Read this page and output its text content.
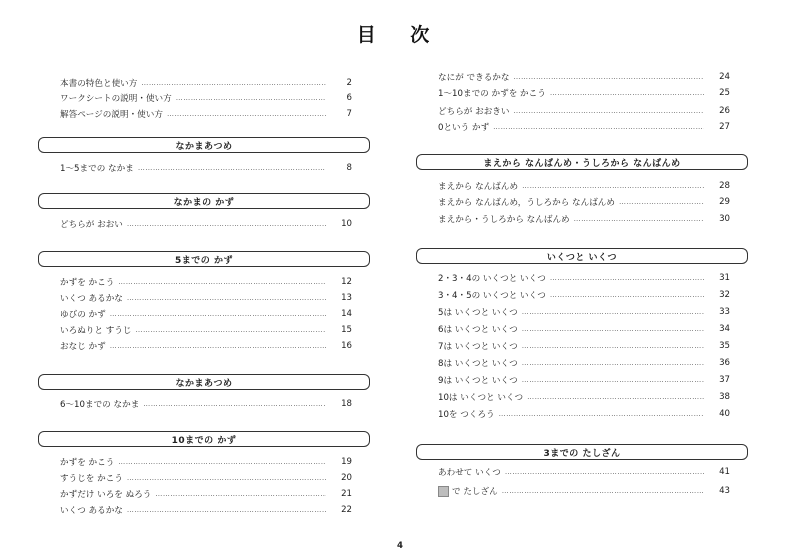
目 次
本書の特色と使い方 ………………………………………………………………………………………………………………	2
ワークシートの説明・使い方 ………………………………………………………………………………………………………………	6
解答ページの説明・使い方 ………………………………………………………………………………………………………………	7
なかまあつめ
1～5までの なかま ………………………………………………………………………………………………………………	8
なかまの かず
どちらが おおい ………………………………………………………………………………………………………………	10
5までの かず
かずを かこう ………………………………………………………………………………………………………………	12
いくつ あるかな ………………………………………………………………………………………………………………	13
ゆびの かず ………………………………………………………………………………………………………………	14
いろぬりと すうじ ………………………………………………………………………………………………………………	15
おなじ かず ………………………………………………………………………………………………………………	16
なかまあつめ
6～10までの なかま ………………………………………………………………………………………………………………	18
10までの かず
かずを かこう ………………………………………………………………………………………………………………	19
すうじを かこう ………………………………………………………………………………………………………………	20
かずだけ いろを ぬろう ………………………………………………………………………………………………………………	21
いくつ あるかな ………………………………………………………………………………………………………………	22
なにが できるかな ………………………………………………………………………………………………………………	24
1～10までの かずを かこう ………………………………………………………………………………………………………………	25
どちらが おおきい ………………………………………………………………………………………………………………	26
0という かず ………………………………………………………………………………………………………………	27
まえから なんばんめ・うしろから なんばんめ
まえから なんばんめ ………………………………………………………………………………………………………………	28
まえから なんばんめ，うしろから なんばんめ ………………………………………………………………………………………………………………	29
まえから・うしろから なんばんめ ………………………………………………………………………………………………………………	30
いくつと いくつ
2・3・4の いくつと いくつ ………………………………………………………………………………………………………………	31
3・4・5の いくつと いくつ ………………………………………………………………………………………………………………	32
5は いくつと いくつ ………………………………………………………………………………………………………………	33
6は いくつと いくつ ………………………………………………………………………………………………………………	34
7は いくつと いくつ ………………………………………………………………………………………………………………	35
8は いくつと いくつ ………………………………………………………………………………………………………………	36
9は いくつと いくつ ………………………………………………………………………………………………………………	37
10は いくつと いくつ ………………………………………………………………………………………………………………	38
10を つくろう ………………………………………………………………………………………………………………	40
3までの たしざん
あわせて いくつ ………………………………………………………………………………………………………………	41
で たしざん ………………………………………………………………………………………………………………	43
4
